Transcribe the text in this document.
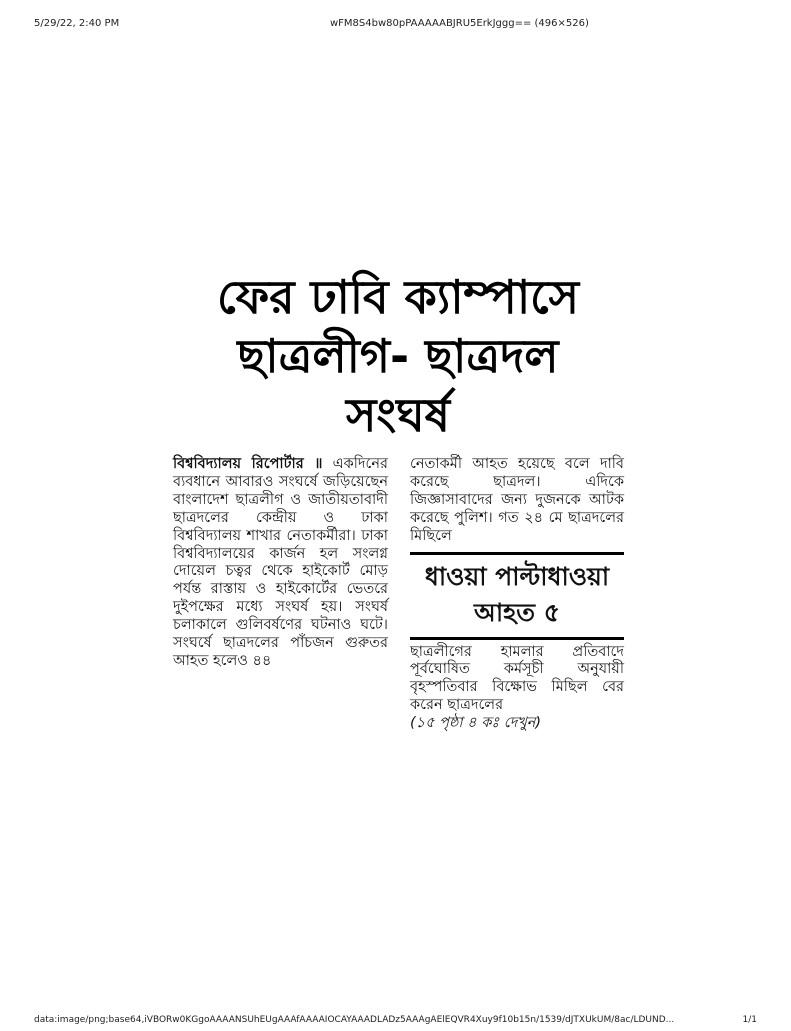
5/29/22, 2:40 PM	wFM8S4bw80pPAAAAABJRU5ErkJggg== (496×526)
ফের ঢাবি ক্যাম্পাসে
ছাত্রলীগ- ছাত্রদল
সংঘর্ষ

বিশ্ববিদ্যালয় রিপোর্টার ॥ একদিনের ব্যবধানে আবারও সংঘর্ষে জড়িয়েছেন বাংলাদেশ ছাত্রলীগ ও জাতীয়তাবাদী ছাত্রদলের কেন্দ্রীয় ও ঢাকা বিশ্ববিদ্যালয় শাখার নেতাকর্মীরা। ঢাকা বিশ্ববিদ্যালয়ের কার্জন হল সংলগ্ন দোয়েল চত্বর থেকে হাইকোর্ট মোড় পর্যন্ত রাস্তায় ও হাইকোর্টের ভেতরে দুইপক্ষের মধ্যে সংঘর্ষ হয়। সংঘর্ষ চলাকালে গুলিবর্ষণের ঘটনাও ঘটে। সংঘর্ষে ছাত্রদলের পাঁচজন গুরুতর আহত হলেও ৪৪

নেতাকর্মী আহত হয়েছে বলে দাবি করেছে ছাত্রদল। এদিকে জিজ্ঞাসাবাদের জন্য দুজনকে আটক করেছে পুলিশ। গত ২৪ মে ছাত্রদলের মিছিলে

ধাওয়া পাল্টাধাওয়া
আহত ৫

ছাত্রলীগের হামলার প্রতিবাদে পূর্বঘোষিত কর্মসূচী অনুযায়ী বৃহস্পতিবার বিক্ষোভ মিছিল বের করেন ছাত্রদলের

(১৫ পৃষ্ঠা ৪ কঃ দেখুন)

data:image/png;base64,iVBORw0KGgoAAAANSUhEUgAAAfAAAAIOCAYAAADLADz5AAAgAElEQVR4Xuy9f10b15n/1539/dJTXUkUM/8ac/LDUND...	1/1
